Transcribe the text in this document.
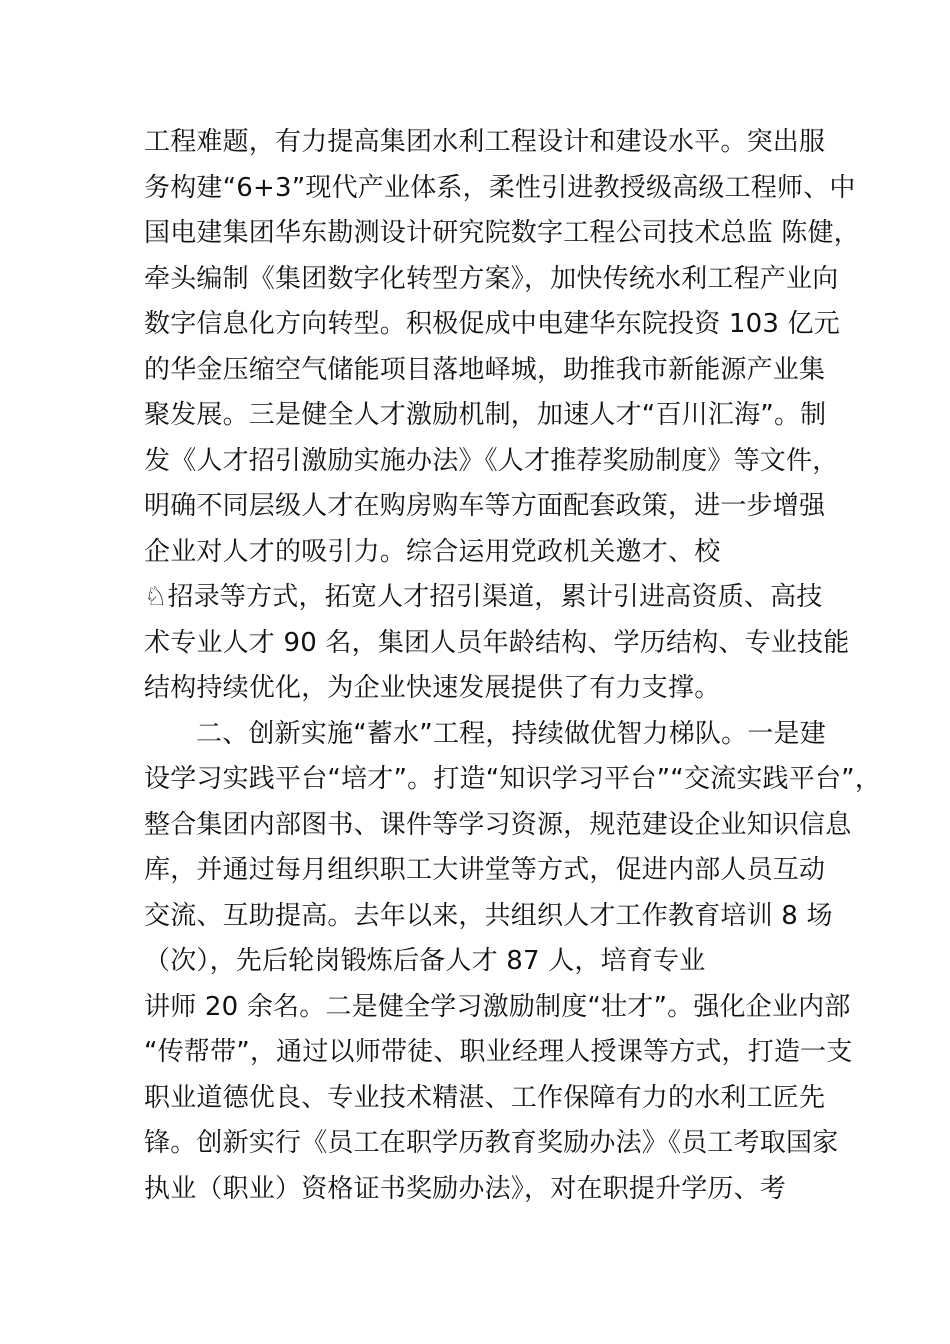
工程难题，有力提高集团水利工程设计和建设水平。突出服
务构建“6+3”现代产业体系，柔性引进教授级高级工程师、中
国电建集团华东勘测设计研究院数字工程公司技术总监 陈健，
牵头编制《集团数字化转型方案》，加快传统水利工程产业向
数字信息化方向转型。积极促成中电建华东院投资 103 亿元
的华金压缩空气储能项目落地峄城，助推我市新能源产业集
聚发展。三是健全人才激励机制，加速人才“百川汇海”。制
发《人才招引激励实施办法》《人才推荐奖励制度》等文件，
明确不同层级人才在购房购车等方面配套政策，进一步增强
企业对人才的吸引力。综合运用党政机关邀才、校
♘招录等方式，拓宽人才招引渠道，累计引进高资质、高技
术专业人才 90 名，集团人员年龄结构、学历结构、专业技能
结构持续优化，为企业快速发展提供了有力支撑。
二、创新实施“蓄水”工程，持续做优智力梯队。一是建
设学习实践平台“培才”。打造“知识学习平台”“交流实践平台”，
整合集团内部图书、课件等学习资源，规范建设企业知识信息
库，并通过每月组织职工大讲堂等方式，促进内部人员互动
交流、互助提高。去年以来，共组织人才工作教育培训 8 场
（次），先后轮岗锻炼后备人才 87 人，培育专业
讲师 20 余名。二是健全学习激励制度“壮才”。强化企业内部
“传帮带”，通过以师带徒、职业经理人授课等方式，打造一支
职业道德优良、专业技术精湛、工作保障有力的水利工匠先
锋。创新实行《员工在职学历教育奖励办法》《员工考取国家
执业（职业）资格证书奖励办法》，对在职提升学历、考
